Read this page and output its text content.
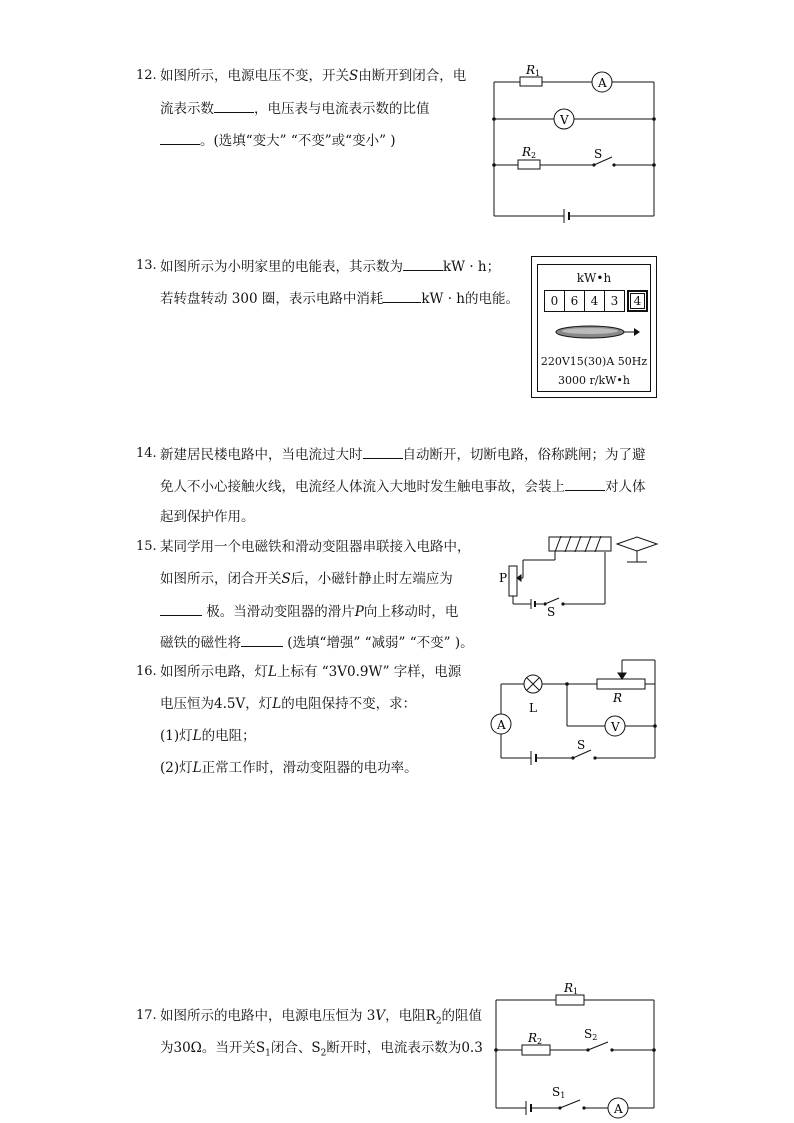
12. 如图所示，电源电压不变，开关S由断开到闭合，电
流表示数	，电压表与电流表示数的比值
。(选填“变大” “不变”或“变小” )
R1
A
V
R2	S
13. 如图所示为小明家里的电能表，其示数为	kW · h；
若转盘转动 300 圈，表示电路中消耗	kW · h的电能。
kW•h
0	6	4	3	4
220V15(30)A 50Hz
3000 r/kW•h
14. 新建居民楼电路中，当电流过大时	自动断开，切断电路，俗称跳闸；为了避
免人不小心接触火线，电流经人体流入大地时发生触电事故，会装上	对人体
起到保护作用。
15. 某同学用一个电磁铁和滑动变阻器串联接入电路中，
如图所示，闭合开关S后，小磁针静止时左端应为
极。当滑动变阻器的滑片P向上移动时，电
磁铁的磁性将	(选填“增强” “减弱” “不变” )。
P
S
16. 如图所示电路，灯L上标有 “3V0.9W” 字样，电源
电压恒为4.5V，灯L的电阻保持不变，求：
(1)灯L的电阻；
(2)灯L正常工作时，滑动变阻器的电功率。
L
R
A	V
S
17. 如图所示的电路中，电源电压恒为 3V，电阻$R_2$的阻值
为30Ω。当开关$S_1$闭合、$S_2$断开时，电流表示数为0.3
R1
R2
S2
S1
A
